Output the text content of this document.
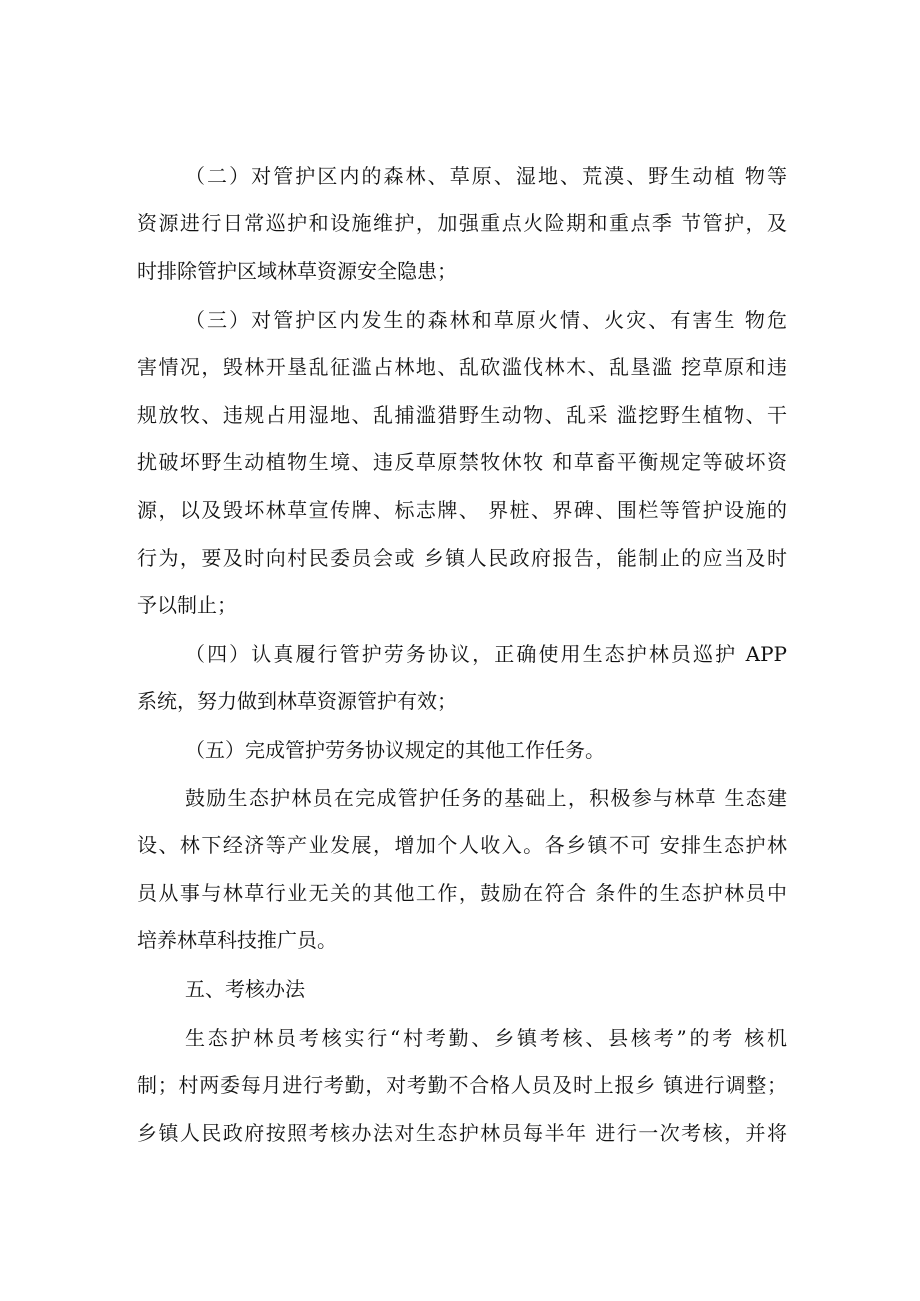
（二）对管护区内的森林、草原、湿地、荒漠、野生动植 物等
资源进行日常巡护和设施维护，加强重点火险期和重点季 节管护，及
时排除管护区域林草资源安全隐患；
（三）对管护区内发生的森林和草原火情、火灾、有害生 物危
害情况，毁林开垦乱征滥占林地、乱砍滥伐林木、乱垦滥 挖草原和违
规放牧、违规占用湿地、乱捕滥猎野生动物、乱采 滥挖野生植物、干
扰破坏野生动植物生境、违反草原禁牧休牧 和草畜平衡规定等破坏资
源，以及毁坏林草宣传牌、标志牌、 界桩、界碑、围栏等管护设施的
行为，要及时向村民委员会或 乡镇人民政府报告，能制止的应当及时
予以制止；
（四）认真履行管护劳务协议，正确使用生态护林员巡护 APP
系统，努力做到林草资源管护有效；
（五）完成管护劳务协议规定的其他工作任务。
鼓励生态护林员在完成管护任务的基础上，积极参与林草 生态建
设、林下经济等产业发展，增加个人收入。各乡镇不可 安排生态护林
员从事与林草行业无关的其他工作，鼓励在符合 条件的生态护林员中
培养林草科技推广员。
五、考核办法
生态护林员考核实行“村考勤、乡镇考核、县核考”的考 核机
制；村两委每月进行考勤，对考勤不合格人员及时上报乡 镇进行调整；
乡镇人民政府按照考核办法对生态护林员每半年 进行一次考核，并将
